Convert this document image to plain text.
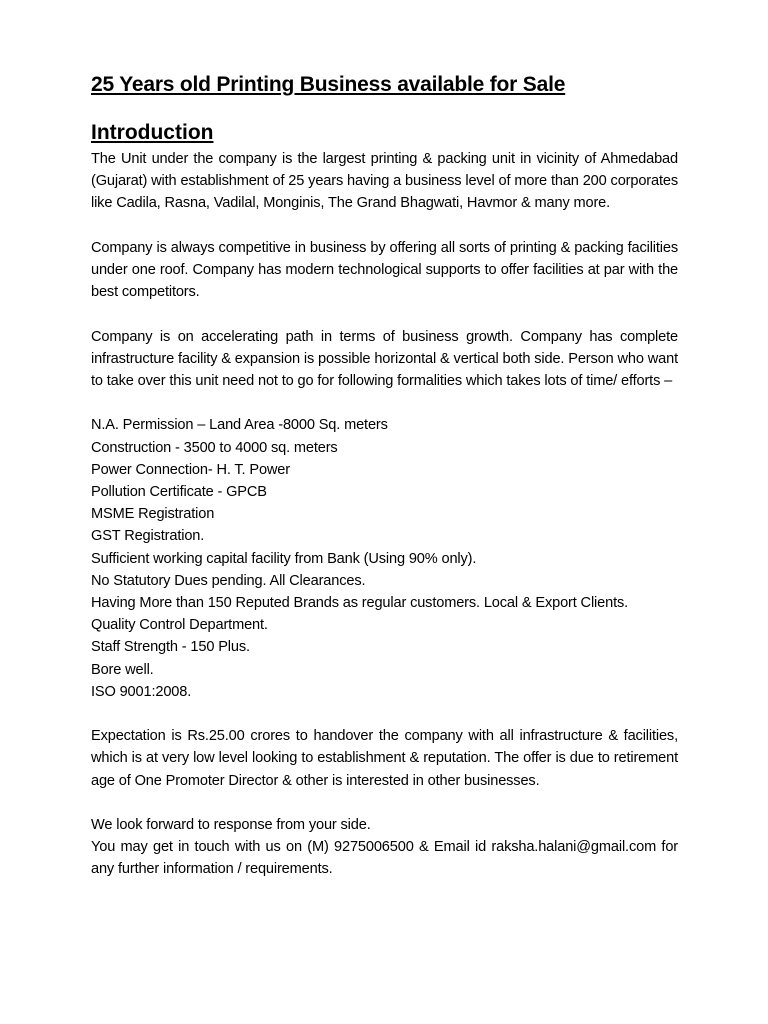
25 Years old Printing Business available for Sale
Introduction

The Unit under the company is the largest printing & packing unit in vicinity of Ahmedabad (Gujarat) with establishment of 25 years having a business level of more than 200 corporates like Cadila, Rasna, Vadilal, Monginis, The Grand Bhagwati, Havmor & many more.

Company is always competitive in business by offering all sorts of printing & packing facilities under one roof. Company has modern technological supports to offer facilities at par with the best competitors.

Company is on accelerating path in terms of business growth. Company has complete infrastructure facility & expansion is possible horizontal & vertical both side. Person who want to take over this unit need not to go for following formalities which takes lots of time/ efforts –

N.A. Permission – Land Area -8000 Sq. meters
Construction - 3500 to 4000 sq. meters
Power Connection- H. T. Power
Pollution Certificate - GPCB
MSME Registration
GST Registration.
Sufficient working capital facility from Bank (Using 90% only).
No Statutory Dues pending. All Clearances.
Having More than 150 Reputed Brands as regular customers. Local & Export Clients.
Quality Control Department.
Staff Strength - 150 Plus.
Bore well.
ISO 9001:2008.

Expectation is Rs.25.00 crores to handover the company with all infrastructure & facilities, which is at very low level looking to establishment & reputation. The offer is due to retirement age of One Promoter Director & other is interested in other businesses.

We look forward to response from your side.

You may get in touch with us on (M) 9275006500 & Email id raksha.halani@gmail.com for any further information / requirements.
